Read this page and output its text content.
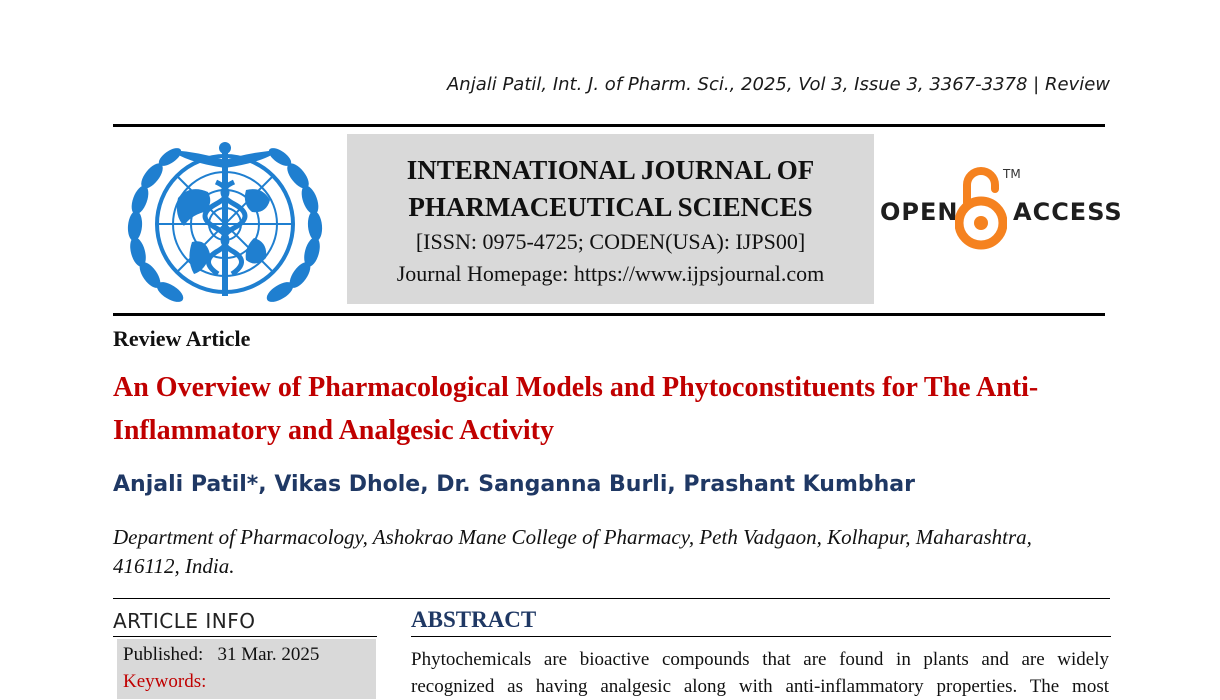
Anjali Patil, Int. J. of Pharm. Sci., 2025, Vol 3, Issue 3, 3367-3378 | Review
INTERNATIONAL JOURNAL OF
PHARMACEUTICAL SCIENCES
[ISSN: 0975-4725; CODEN(USA): IJPS00]
Journal Homepage: https://www.ijpsjournal.com
OPEN
TM
ACCESS
Review Article
An Overview of Pharmacological Models and Phytoconstituents for The Anti-Inflammatory and Analgesic Activity
Anjali Patil*, Vikas Dhole, Dr. Sanganna Burli, Prashant Kumbhar
Department of Pharmacology, Ashokrao Mane College of Pharmacy, Peth Vadgaon, Kolhapur, Maharashtra, 416112, India.
ARTICLE INFO
Published: 31 Mar. 2025
Keywords:
ABSTRACT
Phytochemicals are bioactive compounds that are found in plants and are widely
recognized as having analgesic along with anti-inflammatory properties. The most
